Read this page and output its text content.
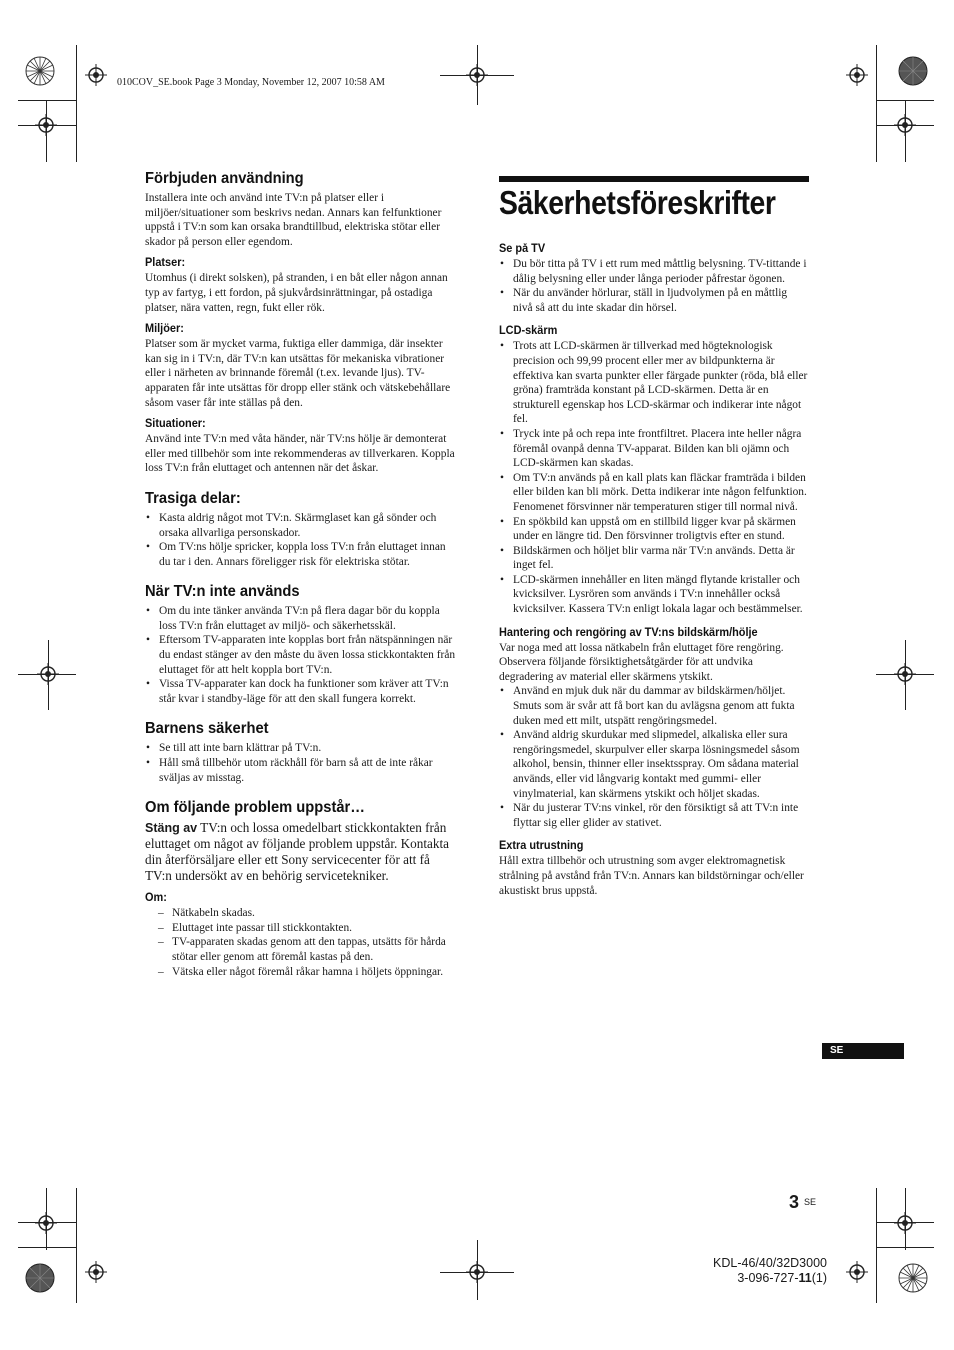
010COV_SE.book Page 3 Monday, November 12, 2007 10:58 AM
Förbjuden användning

Installera inte och använd inte TV:n på platser eller i miljöer/situationer som beskrivs nedan. Annars kan felfunktioner uppstå i TV:n som kan orsaka brandtillbud, elektriska stötar eller skador på person eller egendom.

Platser:

Utomhus (i direkt solsken), på stranden, i en båt eller någon annan typ av fartyg, i ett fordon, på sjukvårdsinrättningar, på ostadiga platser, nära vatten, regn, fukt eller rök.

Miljöer:

Platser som är mycket varma, fuktiga eller dammiga, där insekter kan sig in i TV:n, där TV:n kan utsättas för mekaniska vibrationer eller i närheten av brinnande föremål (t.ex. levande ljus). TV-apparaten får inte utsättas för dropp eller stänk och vätskebehållare såsom vaser får inte ställas på den.

Situationer:

Använd inte TV:n med våta händer, när TV:ns hölje är demonterat eller med tillbehör som inte rekommenderas av tillverkaren. Koppla loss TV:n från eluttaget och antennen när det åskar.

Trasiga delar:
• Kasta aldrig något mot TV:n. Skärmglaset kan gå sönder och orsaka allvarliga personskador.
• Om TV:ns hölje spricker, koppla loss TV:n från eluttaget innan du tar i den. Annars föreligger risk för elektriska stötar.
När TV:n inte används
• Om du inte tänker använda TV:n på flera dagar bör du koppla loss TV:n från eluttaget av miljö- och säkerhetsskäl.
• Eftersom TV-apparaten inte kopplas bort från nätspänningen när du endast stänger av den måste du även lossa stickkontakten från eluttaget för att helt koppla bort TV:n.
• Vissa TV-apparater kan dock ha funktioner som kräver att TV:n står kvar i standby-läge för att den skall fungera korrekt.
Barnens säkerhet
• Se till att inte barn klättrar på TV:n.
• Håll små tillbehör utom räckhåll för barn så att de inte råkar sväljas av misstag.
Om följande problem uppstår…

Stäng av TV:n och lossa omedelbart stickkontakten från eluttaget om något av följande problem uppstår. Kontakta din återförsäljare eller ett Sony servicecenter för att få TV:n undersökt av en behörig servicetekniker.

Om:
– Nätkabeln skadas.
– Eluttaget inte passar till stickkontakten.
– TV-apparaten skadas genom att den tappas, utsätts för hårda stötar eller genom att föremål kastas på den.
– Vätska eller något föremål råkar hamna i höljets öppningar.
Säkerhetsföreskrifter
Se på TV
• Du bör titta på TV i ett rum med måttlig belysning. TV-tittande i dålig belysning eller under långa perioder påfrestar ögonen.
• När du använder hörlurar, ställ in ljudvolymen på en måttlig nivå så att du inte skadar din hörsel.
LCD-skärm
• Trots att LCD-skärmen är tillverkad med högteknologisk precision och 99,99 procent eller mer av bildpunkterna är effektiva kan svarta punkter eller färgade punkter (röda, blå eller gröna) framträda konstant på LCD-skärmen. Detta är en strukturell egenskap hos LCD-skärmar och indikerar inte något fel.
• Tryck inte på och repa inte frontfiltret. Placera inte heller några föremål ovanpå denna TV-apparat. Bilden kan bli ojämn och LCD-skärmen kan skadas.
• Om TV:n används på en kall plats kan fläckar framträda i bilden eller bilden kan bli mörk. Detta indikerar inte någon felfunktion. Fenomenet försvinner när temperaturen stiger till normal nivå.
• En spökbild kan uppstå om en stillbild ligger kvar på skärmen under en längre tid. Den försvinner troligtvis efter en stund.
• Bildskärmen och höljet blir varma när TV:n används. Detta är inget fel.
• LCD-skärmen innehåller en liten mängd flytande kristaller och kvicksilver. Lysrören som används i TV:n innehåller också kvicksilver. Kassera TV:n enligt lokala lagar och bestämmelser.
Hantering och rengöring av TV:ns bildskärm/hölje

Var noga med att lossa nätkabeln från eluttaget före rengöring.

Observera följande försiktighetsåtgärder för att undvika degradering av material eller skärmens ytskikt.

• Använd en mjuk duk när du dammar av bildskärmen/höljet. Smuts som är svår att få bort kan du avlägsna genom att fukta duken med ett milt, utspätt rengöringsmedel.
• Använd aldrig skurdukar med slipmedel, alkaliska eller sura rengöringsmedel, skurpulver eller skarpa lösningsmedel såsom alkohol, bensin, thinner eller insektsspray. Om sådana material används, eller vid långvarig kontakt med gummi- eller vinylmaterial, kan skärmens ytskikt och höljet skadas.
• När du justerar TV:ns vinkel, rör den försiktigt så att TV:n inte flyttar sig eller glider av stativet.
Extra utrustning

Håll extra tillbehör och utrustning som avger elektromagnetisk strålning på avstånd från TV:n. Annars kan bildstörningar och/eller akustiskt brus uppstå.

SE
3 SE
KDL-46/40/32D3000
3-096-727-11(1)
